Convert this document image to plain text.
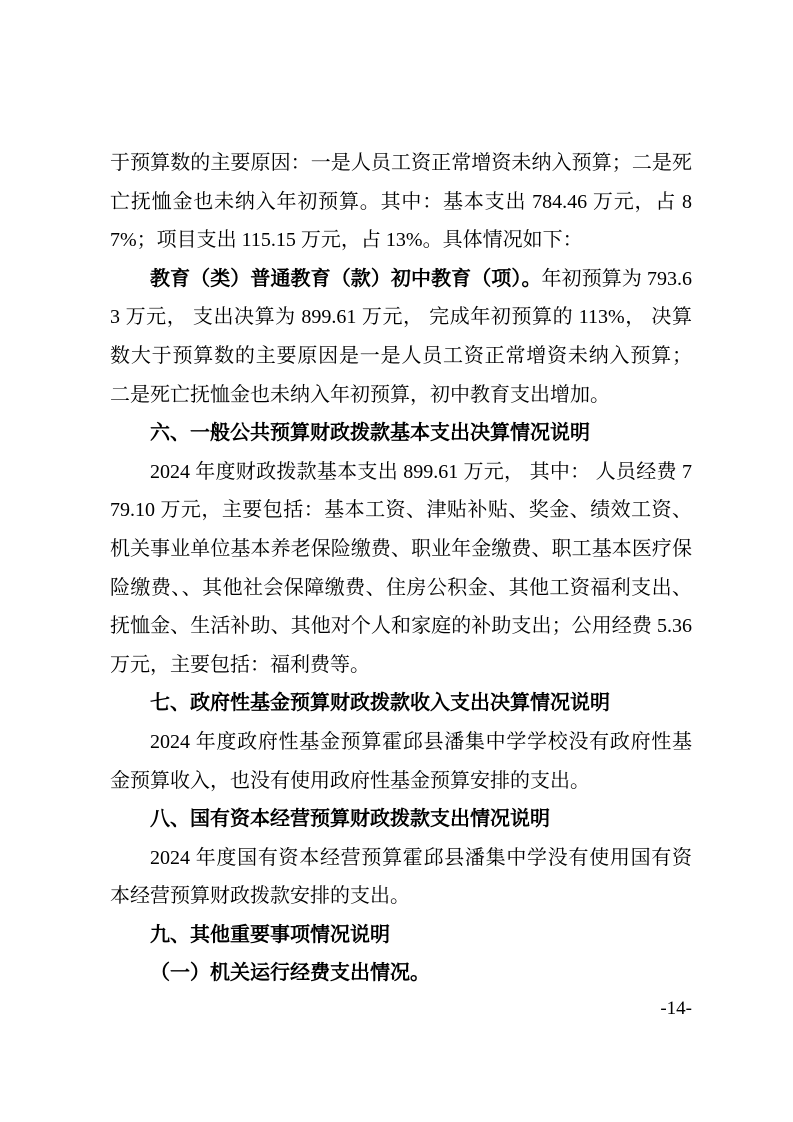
于预算数的主要原因：一是人员工资正常增资未纳入预算；二是死亡抚恤金也未纳入年初预算。其中：基本支出 784.46 万元，占 87%；项目支出 115.15 万元，占 13%。具体情况如下：

教育（类）普通教育（款）初中教育（项）。年初预算为 793.63 万元， 支出决算为 899.61 万元， 完成年初预算的 113%， 决算数大于预算数的主要原因是一是人员工资正常增资未纳入预算； 二是死亡抚恤金也未纳入年初预算，初中教育支出增加。

六、一般公共预算财政拨款基本支出决算情况说明

2024 年度财政拨款基本支出 899.61 万元， 其中： 人员经费 779.10 万元，主要包括：基本工资、津贴补贴、奖金、绩效工资、机关事业单位基本养老保险缴费、职业年金缴费、职工基本医疗保险缴费、、其他社会保障缴费、住房公积金、其他工资福利支出、抚恤金、生活补助、其他对个人和家庭的补助支出；公用经费 5.36 万元，主要包括：福利费等。

七、政府性基金预算财政拨款收入支出决算情况说明

2024 年度政府性基金预算霍邱县潘集中学学校没有政府性基金预算收入，也没有使用政府性基金预算安排的支出。

八、国有资本经营预算财政拨款支出情况说明

2024 年度国有资本经营预算霍邱县潘集中学没有使用国有资本经营预算财政拨款安排的支出。

九、其他重要事项情况说明

（一）机关运行经费支出情况。

-14-
